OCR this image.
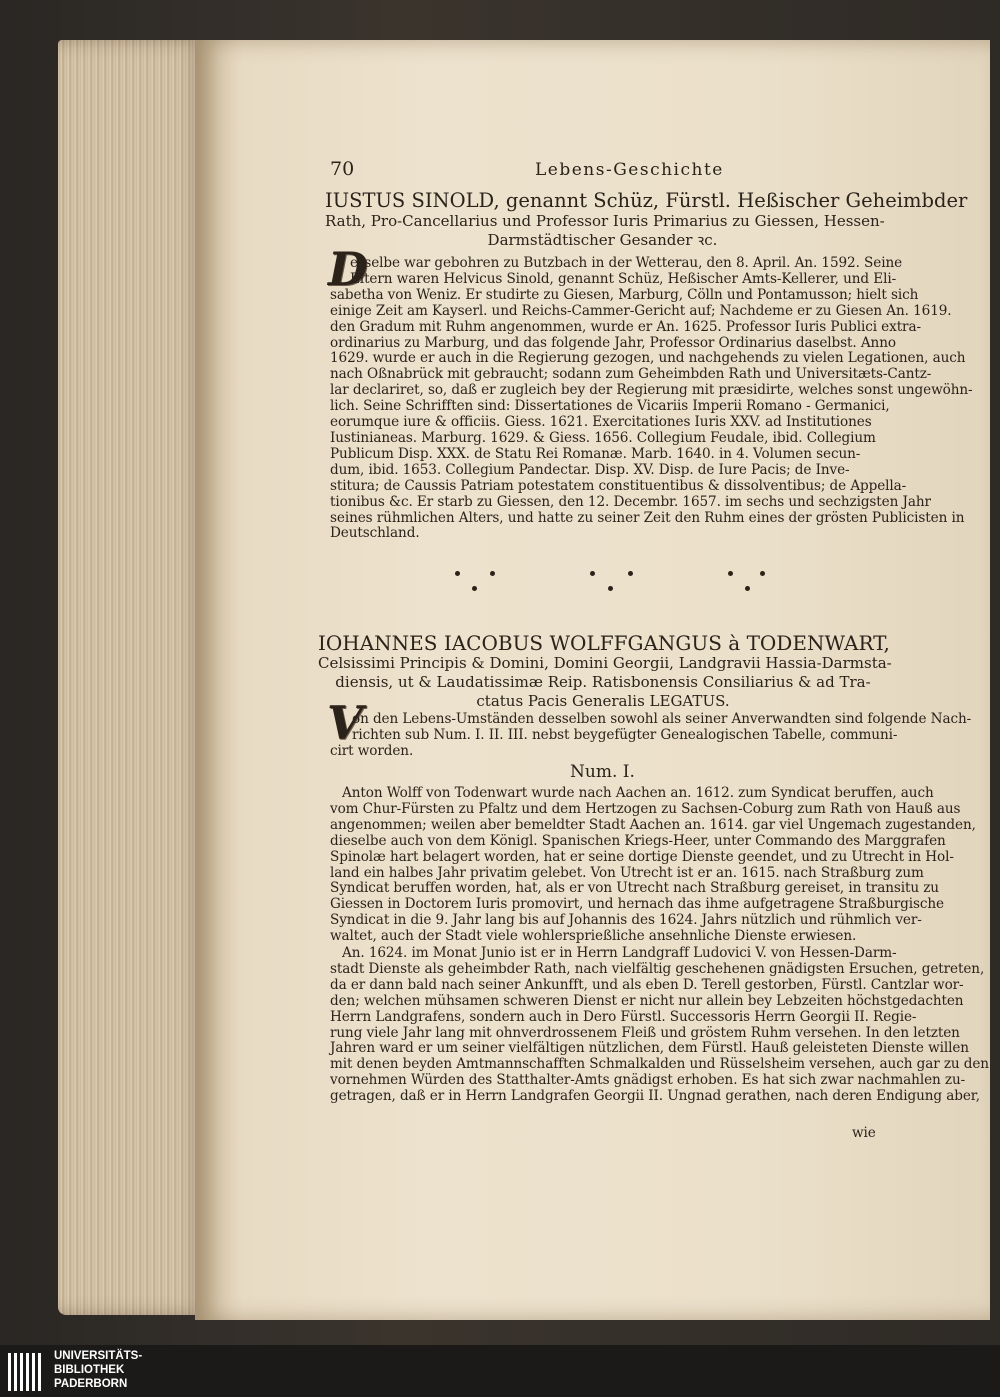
70	Lebens-Geschichte
IUSTUS SINOLD, genannt Schüz, Fürstl. Heßischer Geheimbder
Rath, Pro-Cancellarius und Professor Iuris Primarius zu Giessen, Hessen-
Darmstädtischer Gesander ꝛc.
D
erselbe war gebohren zu Butzbach in der Wetterau, den 8. April. An. 1592. Seine
Eltern waren Helvicus Sinold, genannt Schüz, Heßischer Amts-Kellerer, und Eli-
sabetha von Weniz. Er studirte zu Giesen, Marburg, Cölln und Pontamusson; hielt sich
einige Zeit am Kayserl. und Reichs-Cammer-Gericht auf; Nachdeme er zu Giesen An. 1619.
den Gradum mit Ruhm angenommen, wurde er An. 1625. Professor Iuris Publici extra-
ordinarius zu Marburg, und das folgende Jahr, Professor Ordinarius daselbst. Anno
1629. wurde er auch in die Regierung gezogen, und nachgehends zu vielen Legationen, auch
nach Oßnabrück mit gebraucht; sodann zum Geheimbden Rath und Universitæts-Cantz-
lar declariret, so, daß er zugleich bey der Regierung mit præsidirte, welches sonst ungewöhn-
lich. Seine Schrifften sind: Dissertationes de Vicariis Imperii Romano - Germanici,
eorumque iure & officiis. Giess. 1621. Exercitationes Iuris XXV. ad Institutiones
Iustinianeas. Marburg. 1629. & Giess. 1656. Collegium Feudale, ibid. Collegium
Publicum Disp. XXX. de Statu Rei Romanæ. Marb. 1640. in 4. Volumen secun-
dum, ibid. 1653. Collegium Pandectar. Disp. XV. Disp. de Iure Pacis; de Inve-
stitura; de Caussis Patriam potestatem constituentibus & dissolventibus; de Appella-
tionibus &c. Er starb zu Giessen, den 12. Decembr. 1657. im sechs und sechzigsten Jahr
seines rühmlichen Alters, und hatte zu seiner Zeit den Ruhm eines der grösten Publicisten in
Deutschland.
IOHANNES IACOBUS WOLFFGANGUS à TODENWART,
Celsissimi Principis & Domini, Domini Georgii, Landgravii Hassia-Darmsta-
diensis, ut & Laudatissimæ Reip. Ratisbonensis Consiliarius & ad Tra-
ctatus Pacis Generalis LEGATUS.
V
on den Lebens-Umständen desselben sowohl als seiner Anverwandten sind folgende Nach-
richten sub Num. I. II. III. nebst beygefügter Genealogischen Tabelle, communi-
cirt worden.
Num. I.
Anton Wolff von Todenwart wurde nach Aachen an. 1612. zum Syndicat beruffen, auch
vom Chur-Fürsten zu Pfaltz und dem Hertzogen zu Sachsen-Coburg zum Rath von Hauß aus
angenommen; weilen aber bemeldter Stadt Aachen an. 1614. gar viel Ungemach zugestanden,
dieselbe auch von dem Königl. Spanischen Kriegs-Heer, unter Commando des Marggrafen
Spinolæ hart belagert worden, hat er seine dortige Dienste geendet, und zu Utrecht in Hol-
land ein halbes Jahr privatim gelebet. Von Utrecht ist er an. 1615. nach Straßburg zum
Syndicat beruffen worden, hat, als er von Utrecht nach Straßburg gereiset, in transitu zu
Giessen in Doctorem Iuris promovirt, und hernach das ihme aufgetragene Straßburgische
Syndicat in die 9. Jahr lang bis auf Johannis des 1624. Jahrs nützlich und rühmlich ver-
waltet, auch der Stadt viele wohlersprießliche ansehnliche Dienste erwiesen.
An. 1624. im Monat Junio ist er in Herrn Landgraff Ludovici V. von Hessen-Darm-
stadt Dienste als geheimbder Rath, nach vielfältig geschehenen gnädigsten Ersuchen, getreten,
da er dann bald nach seiner Ankunfft, und als eben D. Terell gestorben, Fürstl. Cantzlar wor-
den; welchen mühsamen schweren Dienst er nicht nur allein bey Lebzeiten höchstgedachten
Herrn Landgrafens, sondern auch in Dero Fürstl. Successoris Herrn Georgii II. Regie-
rung viele Jahr lang mit ohnverdrossenem Fleiß und gröstem Ruhm versehen. In den letzten
Jahren ward er um seiner vielfältigen nützlichen, dem Fürstl. Hauß geleisteten Dienste willen
mit denen beyden Amtmannschafften Schmalkalden und Rüsselsheim versehen, auch gar zu den
vornehmen Würden des Statthalter-Amts gnädigst erhoben. Es hat sich zwar nachmahlen zu-
getragen, daß er in Herrn Landgrafen Georgii II. Ungnad gerathen, nach deren Endigung aber,
wie
UNIVERSITÄTS-
BIBLIOTHEK
PADERBORN
